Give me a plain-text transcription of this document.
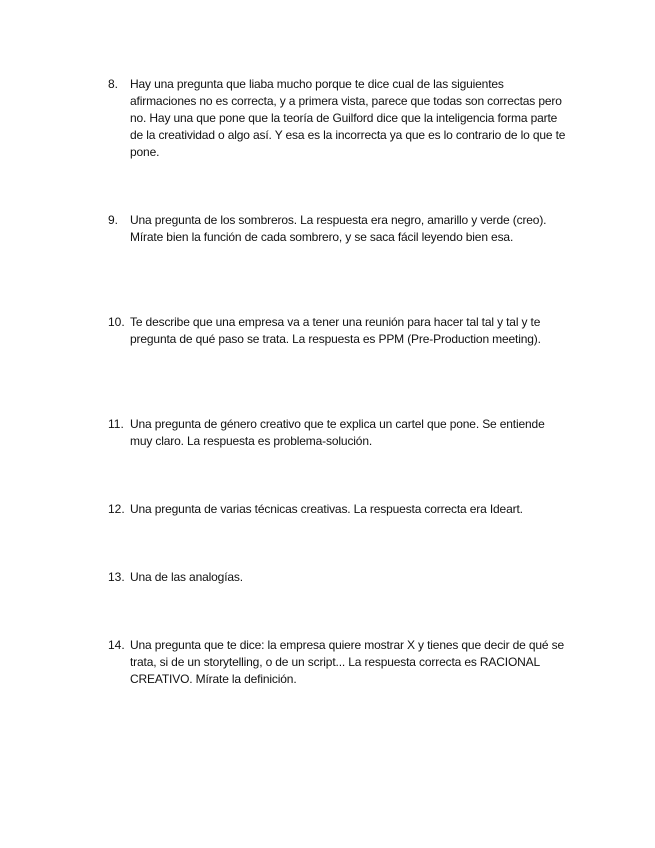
8. Hay una pregunta que liaba mucho porque te dice cual de las siguientes afirmaciones no es correcta, y a primera vista, parece que todas son correctas pero no. Hay una que pone que la teoría de Guilford dice que la inteligencia forma parte de la creatividad o algo así. Y esa es la incorrecta ya que es lo contrario de lo que te pone.
9. Una pregunta de los sombreros. La respuesta era negro, amarillo y verde (creo). Mírate bien la función de cada sombrero, y se saca fácil leyendo bien esa.
10. Te describe que una empresa va a tener una reunión para hacer tal tal y tal y te pregunta de qué paso se trata. La respuesta es PPM (Pre-Production meeting).
11. Una pregunta de género creativo que te explica un cartel que pone. Se entiende muy claro. La respuesta es problema-solución.
12. Una pregunta de varias técnicas creativas. La respuesta correcta era Ideart.
13. Una de las analogías.
14. Una pregunta que te dice: la empresa quiere mostrar X y tienes que decir de qué se trata, si de un storytelling, o de un script... La respuesta correcta es RACIONAL CREATIVO. Mírate la definición.
